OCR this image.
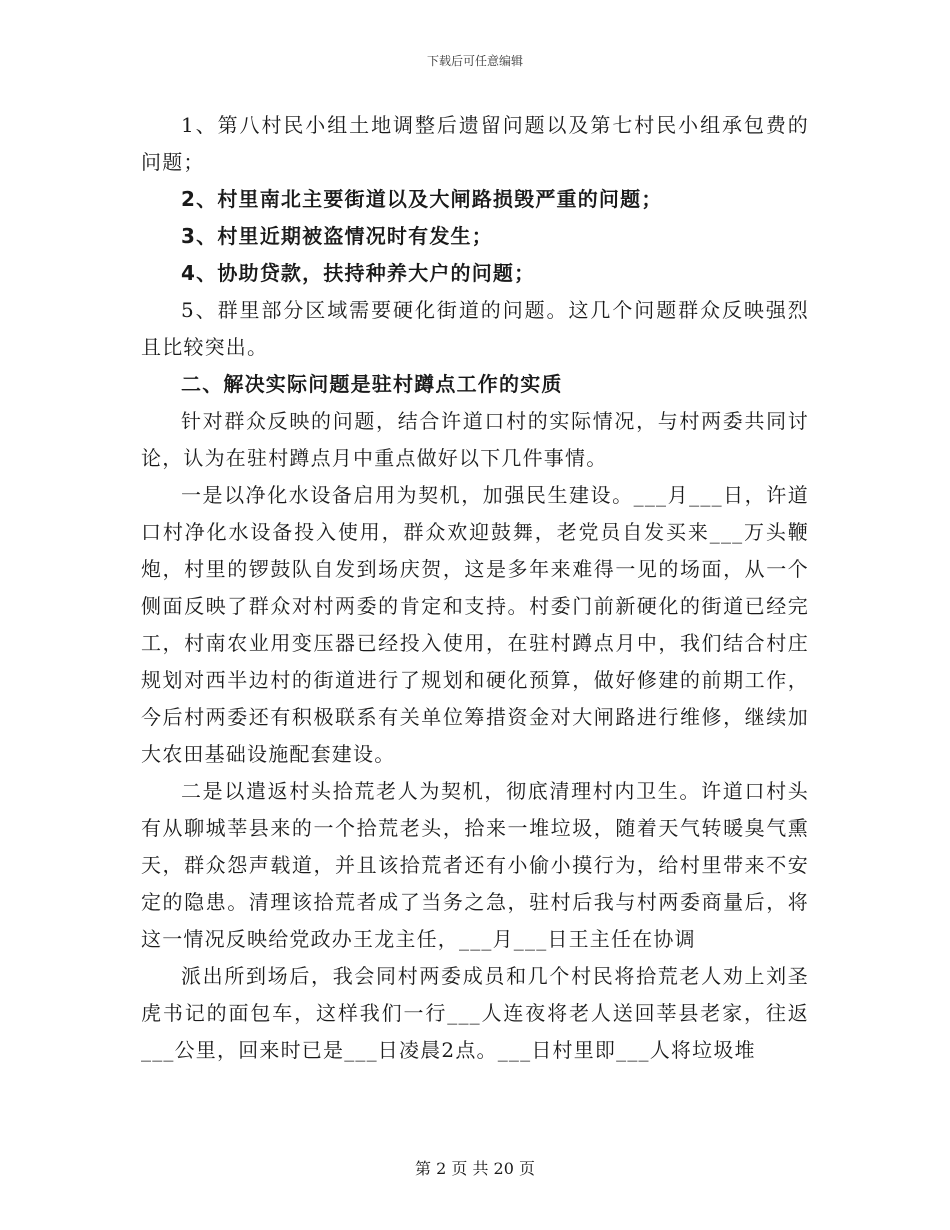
下载后可任意编辑

1、第八村民小组土地调整后遗留问题以及第七村民小组承包费的问题；

2、村里南北主要街道以及大闸路损毁严重的问题；

3、村里近期被盗情况时有发生；

4、协助贷款，扶持种养大户的问题；

5、群里部分区域需要硬化街道的问题。这几个问题群众反映强烈且比较突出。

二、解决实际问题是驻村蹲点工作的实质

针对群众反映的问题，结合许道口村的实际情况，与村两委共同讨论，认为在驻村蹲点月中重点做好以下几件事情。

一是以净化水设备启用为契机，加强民生建设。___月___日，许道口村净化水设备投入使用，群众欢迎鼓舞，老党员自发买来___万头鞭炮，村里的锣鼓队自发到场庆贺，这是多年来难得一见的场面，从一个侧面反映了群众对村两委的肯定和支持。村委门前新硬化的街道已经完工，村南农业用变压器已经投入使用，在驻村蹲点月中，我们结合村庄规划对西半边村的街道进行了规划和硬化预算，做好修建的前期工作，今后村两委还有积极联系有关单位筹措资金对大闸路进行维修，继续加大农田基础设施配套建设。

二是以遣返村头拾荒老人为契机，彻底清理村内卫生。许道口村头有从聊城莘县来的一个拾荒老头，拾来一堆垃圾，随着天气转暖臭气熏天，群众怨声载道，并且该拾荒者还有小偷小摸行为，给村里带来不安定的隐患。清理该拾荒者成了当务之急，驻村后我与村两委商量后，将这一情况反映给党政办王龙主任，___月___日王主任在协调

派出所到场后，我会同村两委成员和几个村民将拾荒老人劝上刘圣虎书记的面包车，这样我们一行___人连夜将老人送回莘县老家，往返___公里，回来时已是___日凌晨2点。___日村里即___人将垃圾堆

第 2 页 共 20 页
